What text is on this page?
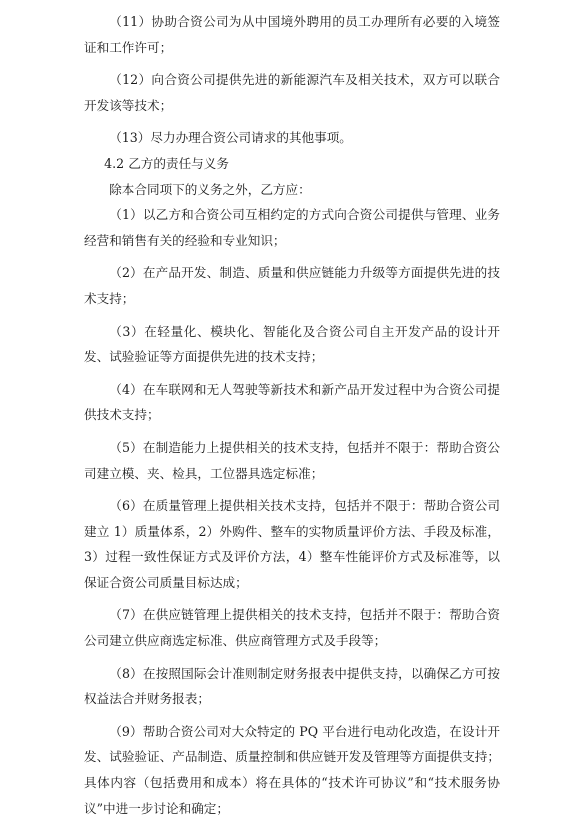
（11）协助合资公司为从中国境外聘用的员工办理所有必要的入境签证和工作许可；

（12）向合资公司提供先进的新能源汽车及相关技术，双方可以联合开发该等技术；

（13）尽力办理合资公司请求的其他事项。

4.2 乙方的责任与义务

除本合同项下的义务之外，乙方应：

（1）以乙方和合资公司互相约定的方式向合资公司提供与管理、业务经营和销售有关的经验和专业知识；

（2）在产品开发、制造、质量和供应链能力升级等方面提供先进的技术支持；

（3）在轻量化、模块化、智能化及合资公司自主开发产品的设计开发、试验验证等方面提供先进的技术支持；

（4）在车联网和无人驾驶等新技术和新产品开发过程中为合资公司提供技术支持；

（5）在制造能力上提供相关的技术支持，包括并不限于：帮助合资公司建立模、夹、检具，工位器具选定标准；

（6）在质量管理上提供相关技术支持，包括并不限于：帮助合资公司建立 1）质量体系，2）外购件、整车的实物质量评价方法、手段及标准，3）过程一致性保证方式及评价方法，4）整车性能评价方式及标准等，以保证合资公司质量目标达成；

（7）在供应链管理上提供相关的技术支持，包括并不限于：帮助合资公司建立供应商选定标准、供应商管理方式及手段等；

（8）在按照国际会计准则制定财务报表中提供支持，以确保乙方可按权益法合并财务报表；

（9）帮助合资公司对大众特定的 PQ 平台进行电动化改造，在设计开发、试验验证、产品制造、质量控制和供应链开发及管理等方面提供支持；具体内容（包括费用和成本）将在具体的“技术许可协议”和“技术服务协议”中进一步讨论和确定；
